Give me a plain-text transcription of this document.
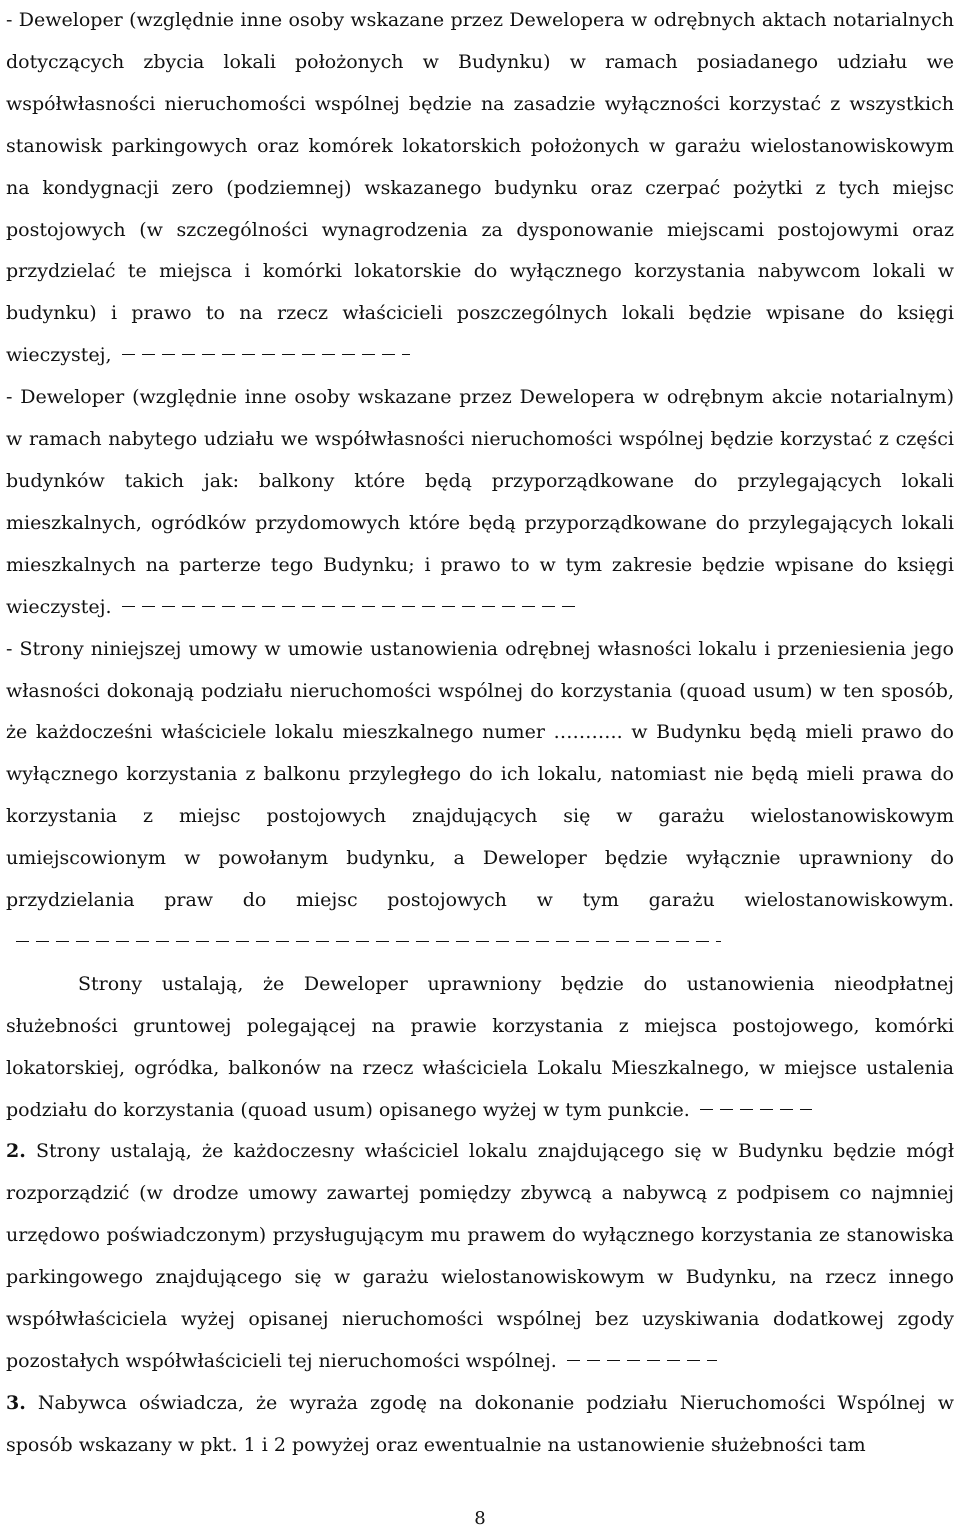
- Deweloper (względnie inne osoby wskazane przez Dewelopera w odrębnych aktach notarialnych dotyczących zbycia lokali położonych w Budynku) w ramach posiadanego udziału we współwłasności nieruchomości wspólnej będzie na zasadzie wyłączności korzystać z wszystkich stanowisk parkingowych oraz komórek lokatorskich położonych w garażu wielostanowiskowym na kondygnacji zero (podziemnej) wskazanego budynku oraz czerpać pożytki z tych miejsc postojowych (w szczególności wynagrodzenia za dysponowanie miejscami postojowymi oraz przydzielać te miejsca i komórki lokatorskie do wyłącznego korzystania nabywcom lokali w budynku) i prawo to na rzecz właścicieli poszczególnych lokali będzie wpisane do księgi wieczystej,

- Deweloper (względnie inne osoby wskazane przez Dewelopera w odrębnym akcie notarialnym) w ramach nabytego udziału we współwłasności nieruchomości wspólnej będzie korzystać z części budynków takich jak: balkony które będą przyporządkowane do przylegających lokali mieszkalnych, ogródków przydomowych które będą przyporządkowane do przylegających lokali mieszkalnych na parterze tego Budynku; i prawo to w tym zakresie będzie wpisane do księgi wieczystej.

- Strony niniejszej umowy w umowie ustanowienia odrębnej własności lokalu i przeniesienia jego własności dokonają podziału nieruchomości wspólnej do korzystania (quoad usum) w ten sposób, że każdocześni właściciele lokalu mieszkalnego numer ……….. w Budynku będą mieli prawo do wyłącznego korzystania z balkonu przyległego do ich lokalu, natomiast nie będą mieli prawa do korzystania z miejsc postojowych znajdujących się w garażu wielostanowiskowym umiejscowionym w powołanym budynku, a Deweloper będzie wyłącznie uprawniony do przydzielania praw do miejsc postojowych w tym garażu wielostanowiskowym.

Strony ustalają, że Deweloper uprawniony będzie do ustanowienia nieodpłatnej służebności gruntowej polegającej na prawie korzystania z miejsca postojowego, komórki lokatorskiej, ogródka, balkonów na rzecz właściciela Lokalu Mieszkalnego, w miejsce ustalenia podziału do korzystania (quoad usum) opisanego wyżej w tym punkcie.

2. Strony ustalają, że każdoczesny właściciel lokalu znajdującego się w Budynku będzie mógł rozporządzić (w drodze umowy zawartej pomiędzy zbywcą a nabywcą z podpisem co najmniej urzędowo poświadczonym) przysługującym mu prawem do wyłącznego korzystania ze stanowiska parkingowego znajdującego się w garażu wielostanowiskowym w Budynku, na rzecz innego współwłaściciela wyżej opisanej nieruchomości wspólnej bez uzyskiwania dodatkowej zgody pozostałych współwłaścicieli tej nieruchomości wspólnej.

3. Nabywca oświadcza, że wyraża zgodę na dokonanie podziału Nieruchomości Wspólnej w sposób wskazany w pkt. 1 i 2 powyżej oraz ewentualnie na ustanowienie służebności tam

8
